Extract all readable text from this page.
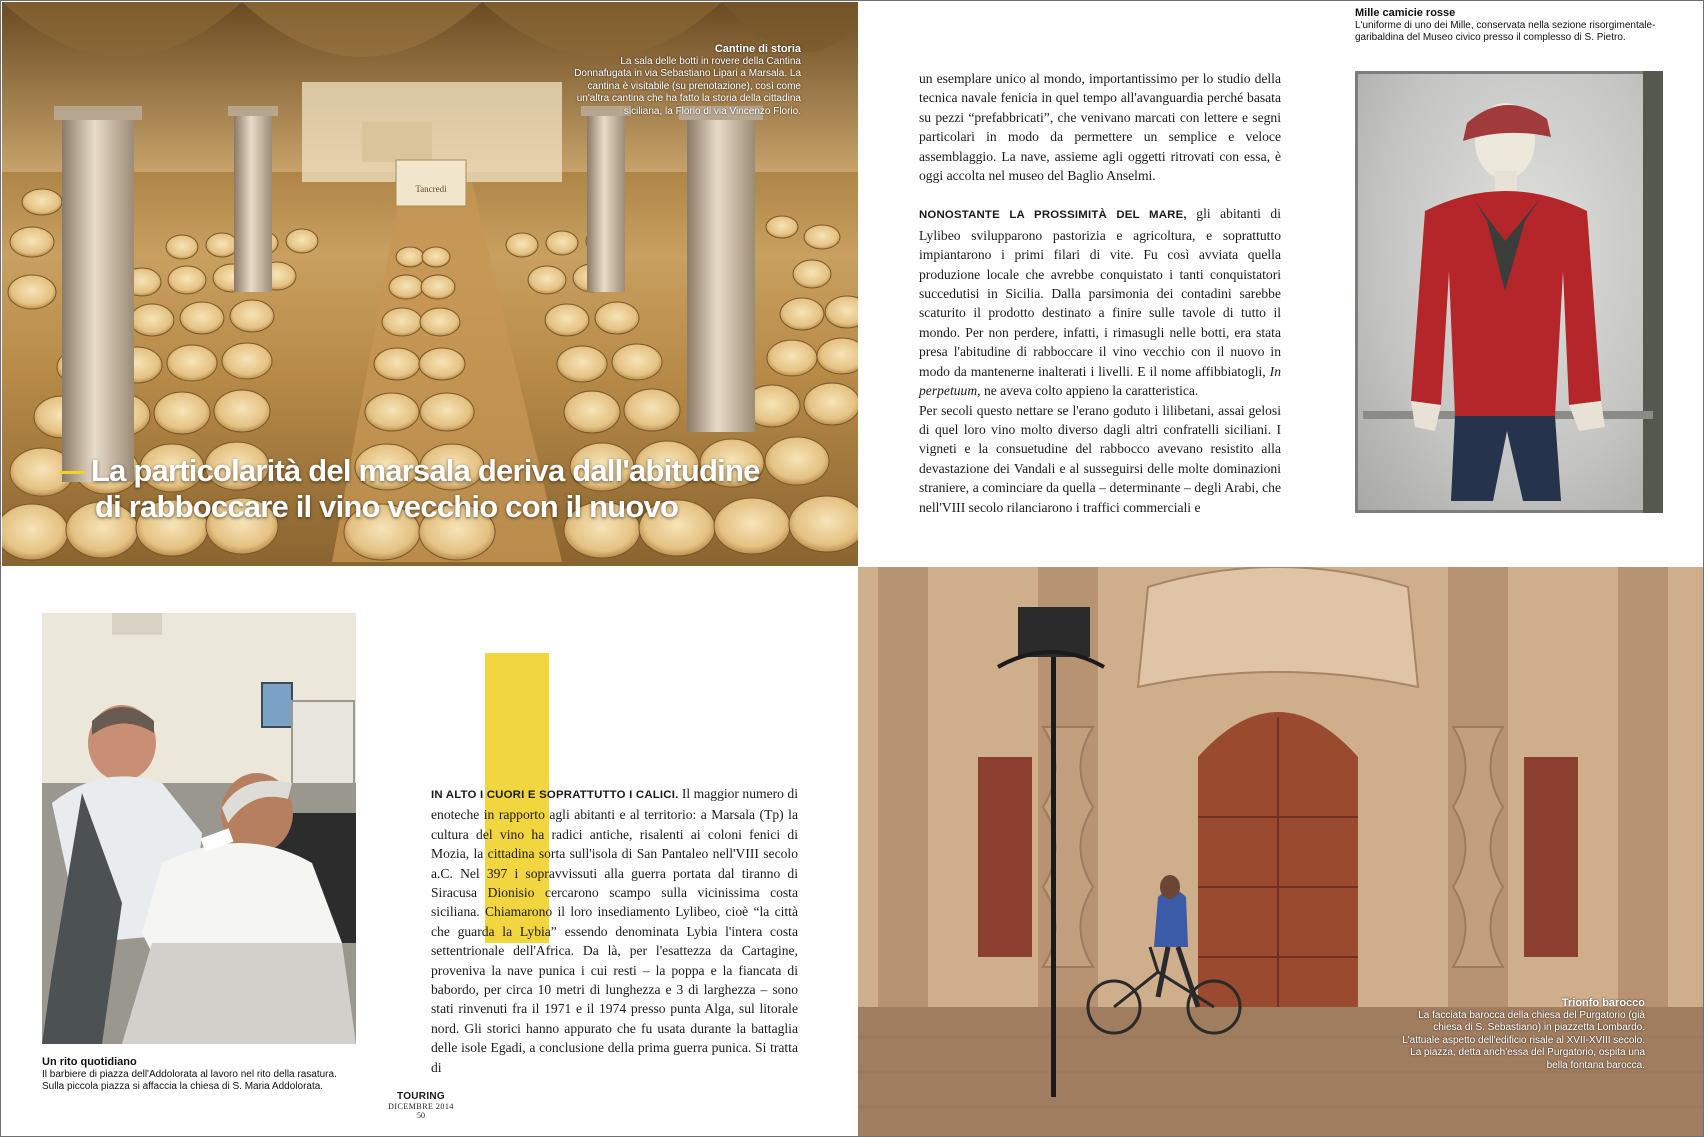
Tancredi
Cantine di storia
La sala delle botti in rovere della Cantina Donnafugata in via Sebastiano Lipari a Marsala. La cantina è visitabile (su prenotazione), così come un'altra cantina che ha fatto la storia della cittadina siciliana, la Florio di via Vincenzo Florio.
La particolarità del marsala deriva dall'abitudine
di rabboccare il vino vecchio con il nuovo

un esemplare unico al mondo, importantissimo per lo studio della tecnica navale fenicia in quel tempo all'avanguardia perché basata su pezzi “prefabbricati”, che venivano marcati con lettere e segni particolari in modo da permettere un semplice e veloce assemblaggio. La nave, assieme agli oggetti ritrovati con essa, è oggi accolta nel museo del Baglio Anselmi.

NONOSTANTE LA PROSSIMITÀ DEL MARE, gli abitanti di Lylibeo svilupparono pastorizia e agricoltura, e soprattutto impiantarono i primi filari di vite. Fu così avviata quella produzione locale che avrebbe conquistato i tanti conquistatori succedutisi in Sicilia. Dalla parsimonia dei contadini sarebbe scaturito il prodotto destinato a finire sulle tavole di tutto il mondo. Per non perdere, infatti, i rimasugli nelle botti, era stata presa l'abitudine di rabboccare il vino vecchio con il nuovo in modo da mantenerne inalterati i livelli. E il nome affibbiatogli, In perpetuum, ne aveva colto appieno la caratteristica.

Per secoli questo nettare se l'erano goduto i lilibetani, assai gelosi di quel loro vino molto diverso dagli altri confratelli siciliani. I vigneti e la consuetudine del rabbocco avevano resistito alla devastazione dei Vandali e al susseguirsi delle molte dominazioni straniere, a cominciare da quella – determinante – degli Arabi, che nell'VIII secolo rilanciarono i traffici commerciali e

Mille camicie rosse
L'uniforme di uno dei Mille, conservata nella sezione risorgimentale-garibaldina del Museo civico presso il complesso di S. Pietro.
Un rito quotidiano
Il barbiere di piazza dell'Addolorata al lavoro nel rito della rasatura. Sulla piccola piazza si affaccia la chiesa di S. Maria Addolorata.
IN ALTO I CUORI E SOPRATTUTTO I CALICI. Il maggior numero di enoteche in rapporto agli abitanti e al territorio: a Marsala (Tp) la cultura del vino ha radici antiche, risalenti ai coloni fenici di Mozia, la cittadina sorta sull'isola di San Pantaleo nell'VIII secolo a.C. Nel 397 i sopravvissuti alla guerra portata dal tiranno di Siracusa Dionisio cercarono scampo sulla vicinissima costa siciliana. Chiamarono il loro insediamento Lylibeo, cioè “la città che guarda la Lybia” essendo denominata Lybia l'intera costa settentrionale dell'Africa. Da là, per l'esattezza da Cartagine, proveniva la nave punica i cui resti – la poppa e la fiancata di babordo, per circa 10 metri di lunghezza e 3 di larghezza – sono stati rinvenuti fra il 1971 e il 1974 presso punta Alga, sul litorale nord. Gli storici hanno appurato che fu usata durante la battaglia delle isole Egadi, a conclusione della prima guerra punica. Si tratta di
TOURING
DICEMBRE 2014
50
Trionfo barocco
La facciata barocca della chiesa del Purgatorio (già chiesa di S. Sebastiano) in piazzetta Lombardo. L'attuale aspetto dell'edificio risale al XVII-XVIII secolo. La piazza, detta anch'essa del Purgatorio, ospita una bella fontana barocca.
